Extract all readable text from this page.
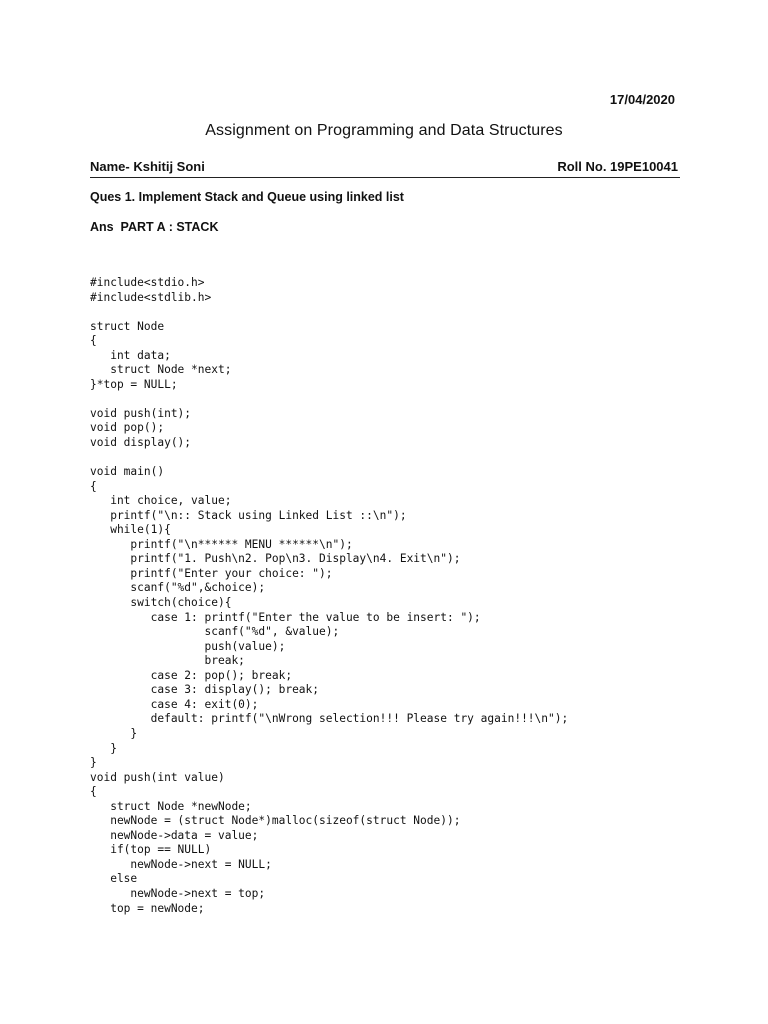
17/04/2020
Assignment on Programming and Data Structures
Name- Kshitij Soni	Roll No. 19PE10041
Ques 1. Implement Stack and Queue using linked list
Ans  PART A : STACK
#include<stdio.h>
#include<stdlib.h>
struct Node
{
int data;
struct Node *next;
}*top = NULL;
void push(int);
void pop();
void display();
void main()
{
int choice, value;
printf("\n:: Stack using Linked List ::\n");
while(1){
printf("\n****** MENU ******\n");
printf("1. Push\n2. Pop\n3. Display\n4. Exit\n");
printf("Enter your choice: ");
scanf("%d",&choice);
switch(choice){
case 1: printf("Enter the value to be insert: ");
scanf("%d", &value);
push(value);
break;
case 2: pop(); break;
case 3: display(); break;
case 4: exit(0);
default: printf("\nWrong selection!!! Please try again!!!\n");
}
}
}
void push(int value)
{
struct Node *newNode;
newNode = (struct Node*)malloc(sizeof(struct Node));
newNode->data = value;
if(top == NULL)
newNode->next = NULL;
else
newNode->next = top;
top = newNode;
